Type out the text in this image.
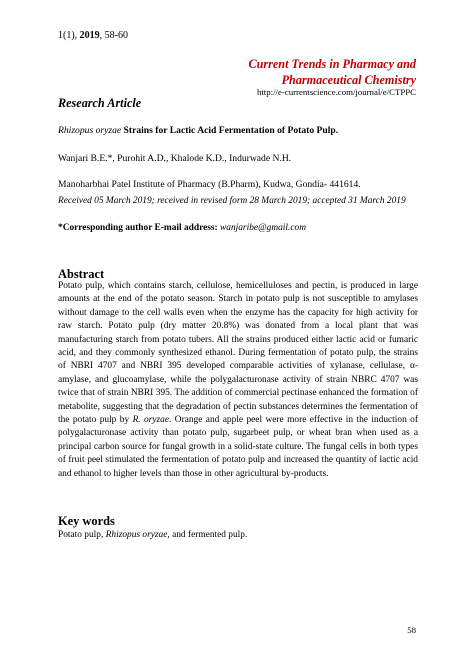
1(1), 2019, 58-60
Current Trends in Pharmacy and
Pharmaceutical Chemistry
http://e-currentscience.com/journal/e/CTPPC
Research Article
Rhizopus oryzae Strains for Lactic Acid Fermentation of Potato Pulp.
Wanjari B.E.*, Purohit A.D., Khalode K.D., Indurwade N.H.
Manoharbhai Patel Institute of Pharmacy (B.Pharm), Kudwa, Gondia- 441614.
Received 05 March 2019; received in revised form 28 March 2019; accepted 31 March 2019
*Corresponding author E-mail address: wanjaribe@gmail.com
Abstract
Potato pulp, which contains starch, cellulose, hemicelluloses and pectin, is produced in large amounts at the end of the potato season. Starch in potato pulp is not susceptible to amylases without damage to the cell walls even when the enzyme has the capacity for high activity for raw starch. Potato pulp (dry matter 20.8%) was donated from a local plant that was manufacturing starch from potato tubers. All the strains produced either lactic acid or fumaric acid, and they commonly synthesized ethanol. During fermentation of potato pulp, the strains of NBRI 4707 and NBRI 395 developed comparable activities of xylanase, cellulase, α-amylase, and glucoamylase, while the polygalacturonase activity of strain NBRC 4707 was twice that of strain NBRI 395. The addition of commercial pectinase enhanced the formation of metabolite, suggesting that the degradation of pectin substances determines the fermentation of the potato pulp by R. oryzae. Orange and apple peel were more effective in the induction of polygalacturonase activity than potato pulp, sugarbeet pulp, or wheat bran when used as a principal carbon source for fungal growth in a solid-state culture. The fungal cells in both types of fruit peel stimulated the fermentation of potato pulp and increased the quantity of lactic acid and ethanol to higher levels than those in other agricultural by-products.
Key words
Potato pulp, Rhizopus oryzae, and fermented pulp.
58
